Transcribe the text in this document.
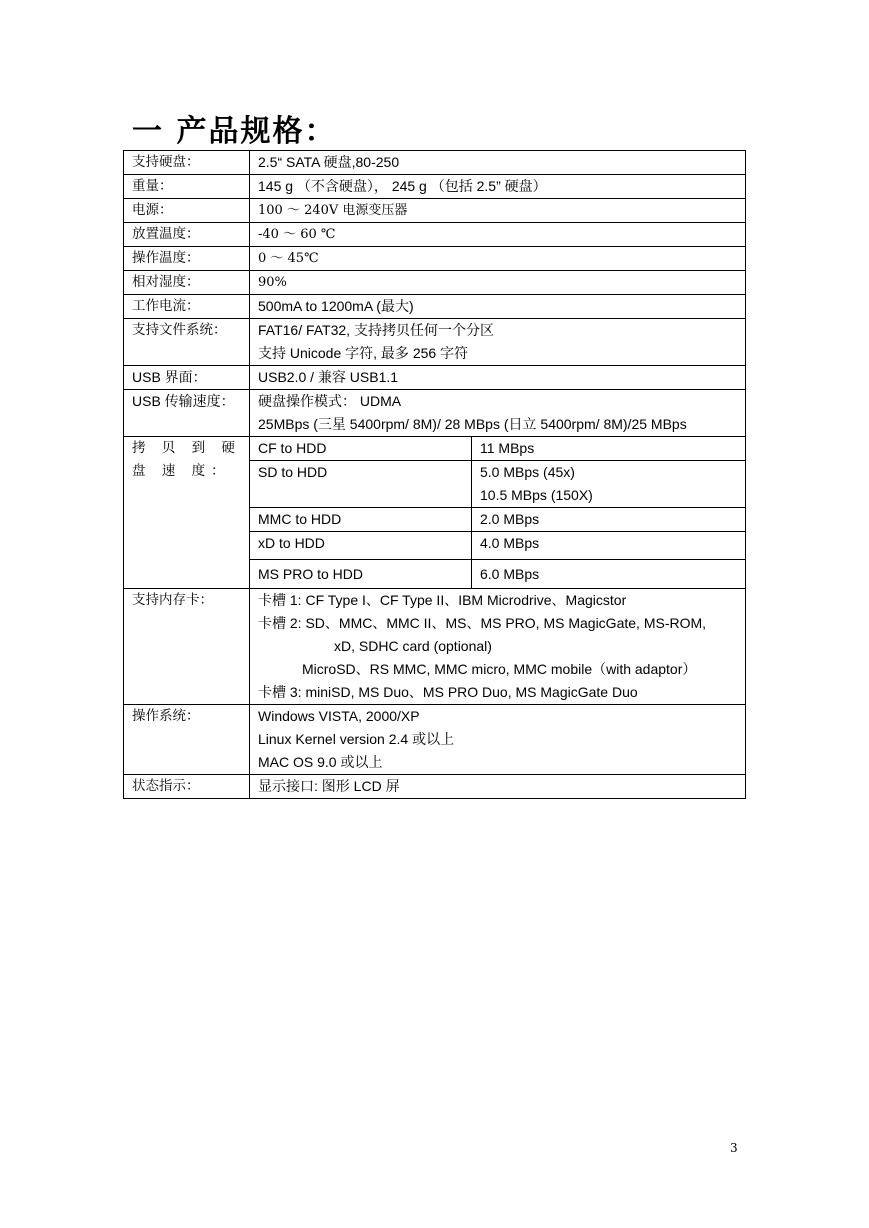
一 产品规格：
支持硬盘：	2.5“ SATA 硬盘,80-250	
重量：	145 g （不含硬盘）， 245 g （包括 2.5” 硬盘）	
电源：	100 ～ 240V 电源变压器	
放置温度：	-40 ～ 60 ℃	
操作温度：	0 ～ 45℃	
相对湿度：	90%	
工作电流：	500mA to 1200mA (最大)	
支持文件系统：	FAT16/ FAT32, 支持拷贝任何一个分区
支持 Unicode 字符, 最多 256 字符	

USB 界面：	USB2.0 / 兼容 USB1.1	
USB 传输速度：	硬盘操作模式： UDMA
25MBps (三星 5400rpm/ 8M)/ 28 MBps (日立 5400rpm/ 8M)/25 MBps	

拷 贝 到 硬 盘 速 度：	CF to HDD	11 MBps

	SD to HDD	5.0 MBps (45x)
10.5 MBps (150X)

	MMC to HDD	2.0 MBps

	xD to HDD	4.0 MBps

	MS PRO to HDD	6.0 MBps

支持内存卡：	卡槽 1: CF Type I、CF Type II、IBM Microdrive、Magicstor
卡槽 2: SD、MMC、MMC II、MS、MS PRO, MS MagicGate, MS-ROM,
xD, SDHC card (optional)
MicroSD、RS MMC, MMC micro, MMC mobile（with adaptor）
卡槽 3: miniSD, MS Duo、MS PRO Duo, MS MagicGate Duo	

操作系统：	Windows VISTA, 2000/XP
Linux Kernel version 2.4 或以上
MAC OS 9.0 或以上	

状态指示：	显示接口: 图形 LCD 屏	
3
